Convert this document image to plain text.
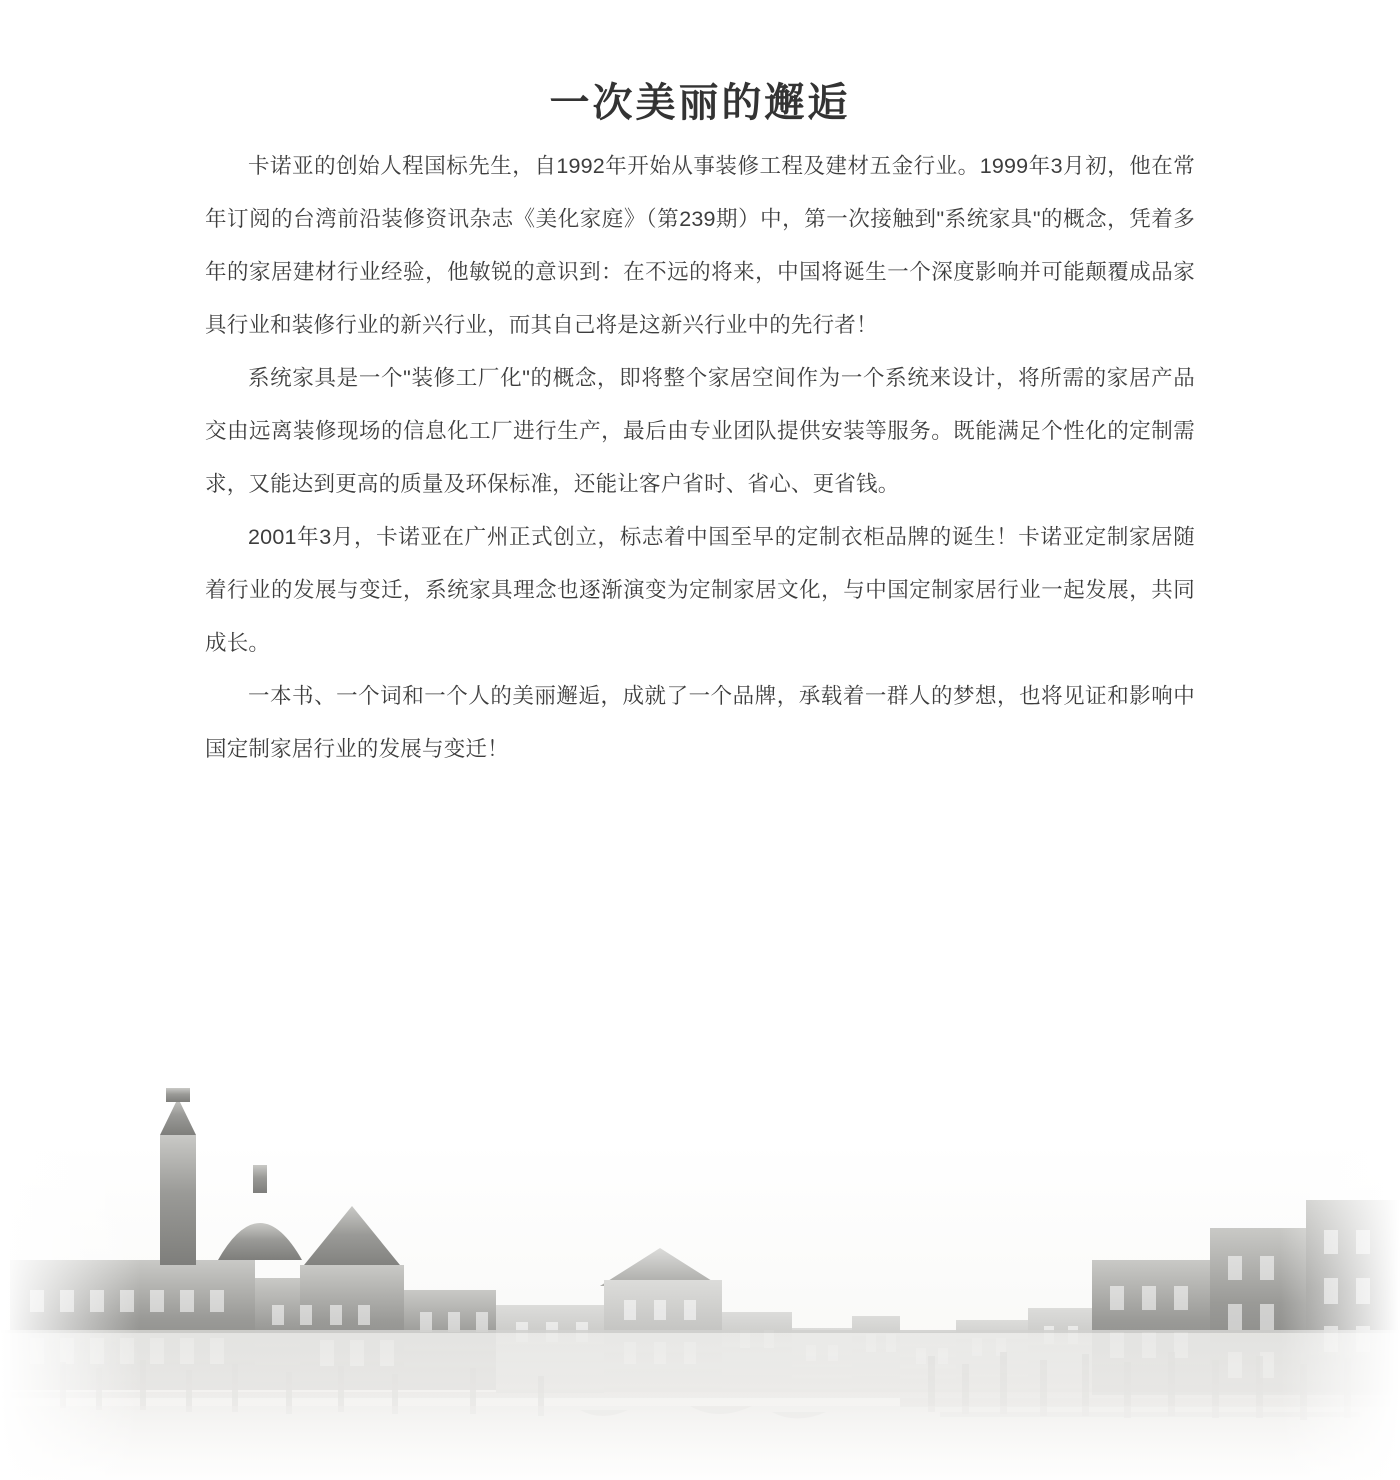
一次美丽的邂逅

卡诺亚的创始人程国标先生，自1992年开始从事装修工程及建材五金行业。1999年3月初，他在常年订阅的台湾前沿装修资讯杂志《美化家庭》（第239期）中，第一次接触到"系统家具"的概念，凭着多年的家居建材行业经验，他敏锐的意识到：在不远的将来，中国将诞生一个深度影响并可能颠覆成品家具行业和装修行业的新兴行业，而其自己将是这新兴行业中的先行者！

系统家具是一个"装修工厂化"的概念，即将整个家居空间作为一个系统来设计，将所需的家居产品交由远离装修现场的信息化工厂进行生产，最后由专业团队提供安装等服务。既能满足个性化的定制需求，又能达到更高的质量及环保标准，还能让客户省时、省心、更省钱。

2001年3月，卡诺亚在广州正式创立，标志着中国至早的定制衣柜品牌的诞生！卡诺亚定制家居随着行业的发展与变迁，系统家具理念也逐渐演变为定制家居文化，与中国定制家居行业一起发展，共同成长。

一本书、一个词和一个人的美丽邂逅，成就了一个品牌，承载着一群人的梦想，也将见证和影响中国定制家居行业的发展与变迁！
